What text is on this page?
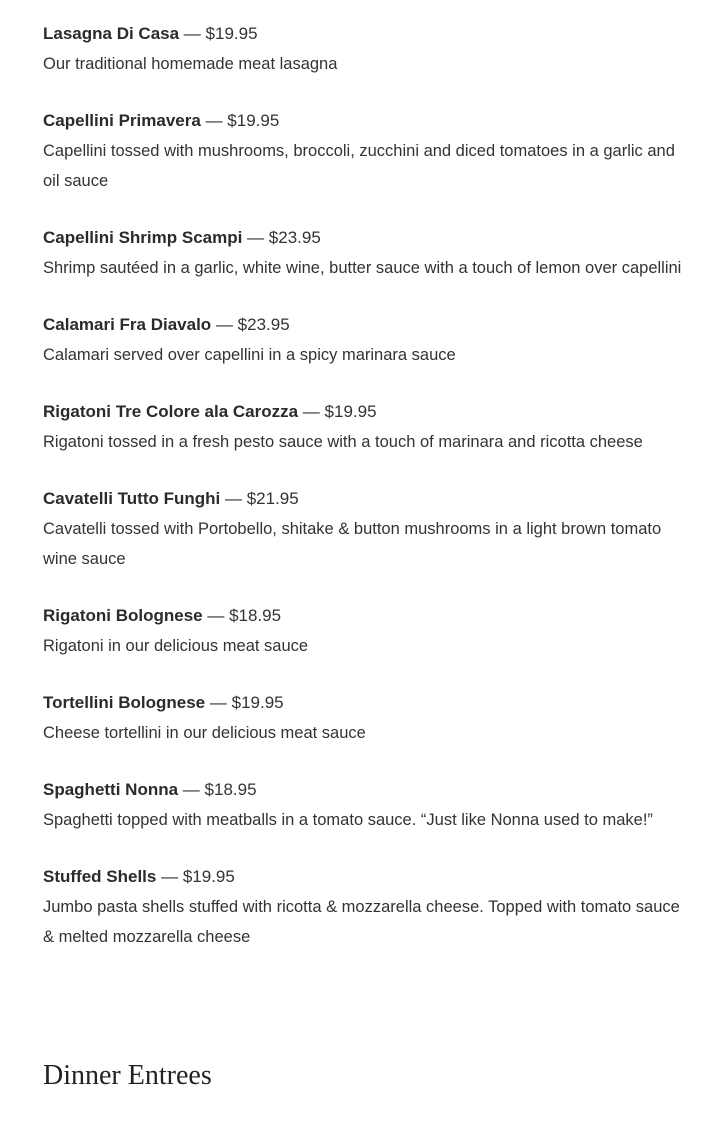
Lasagna Di Casa — $19.95
Our traditional homemade meat lasagna
Capellini Primavera — $19.95
Capellini tossed with mushrooms, broccoli, zucchini and diced tomatoes in a garlic and oil sauce
Capellini Shrimp Scampi — $23.95
Shrimp sautéed in a garlic, white wine, butter sauce with a touch of lemon over capellini
Calamari Fra Diavalo — $23.95
Calamari served over capellini in a spicy marinara sauce
Rigatoni Tre Colore ala Carozza — $19.95
Rigatoni tossed in a fresh pesto sauce with a touch of marinara and ricotta cheese
Cavatelli Tutto Funghi — $21.95
Cavatelli tossed with Portobello, shitake & button mushrooms in a light brown tomato wine sauce
Rigatoni Bolognese — $18.95
Rigatoni in our delicious meat sauce
Tortellini Bolognese — $19.95
Cheese tortellini in our delicious meat sauce
Spaghetti Nonna — $18.95
Spaghetti topped with meatballs in a tomato sauce. “Just like Nonna used to make!”
Stuffed Shells — $19.95
Jumbo pasta shells stuffed with ricotta & mozzarella cheese. Topped with tomato sauce & melted mozzarella cheese
Dinner Entrees
